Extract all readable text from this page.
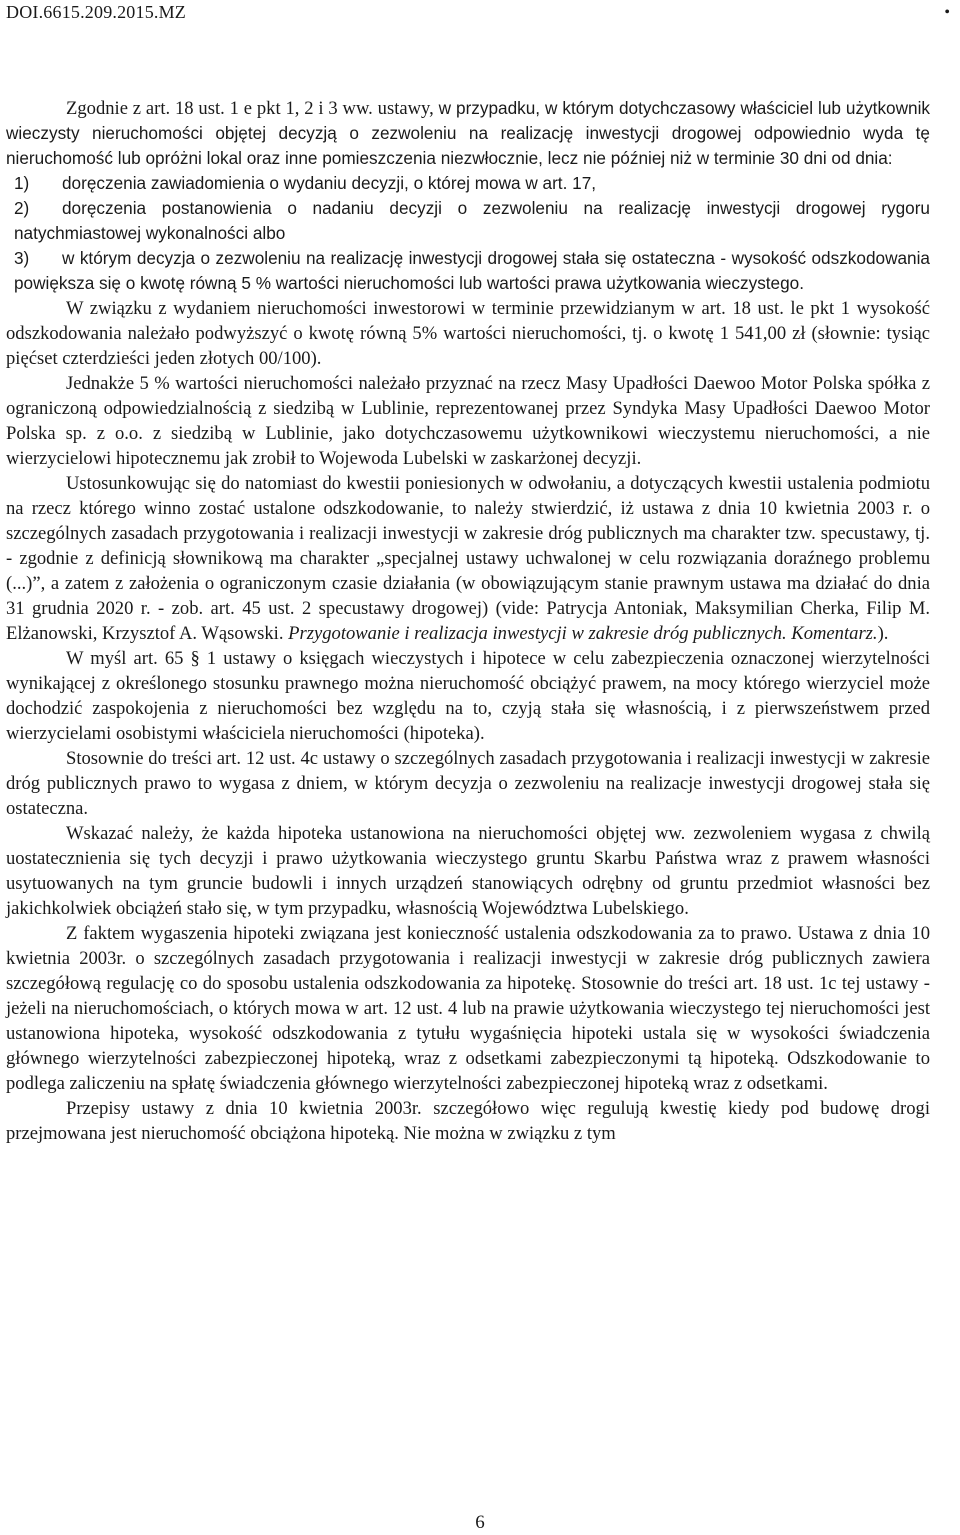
DOI.6615.209.2015.MZ	•

Zgodnie z art. 18 ust. 1 e pkt 1, 2 i 3 ww. ustawy, w przypadku, w którym dotychczasowy właściciel lub użytkownik wieczysty nieruchomości objętej decyzją o zezwoleniu na realizację inwestycji drogowej odpowiednio wyda tę nieruchomość lub opróżni lokal oraz inne pomieszczenia niezwłocznie, lecz nie później niż w terminie 30 dni od dnia:

1) doręczenia zawiadomienia o wydaniu decyzji, o której mowa w art. 17,

2) doręczenia postanowienia o nadaniu decyzji o zezwoleniu na realizację inwestycji drogowej rygoru natychmiastowej wykonalności albo

3) w którym decyzja o zezwoleniu na realizację inwestycji drogowej stała się ostateczna - wysokość odszkodowania powiększa się o kwotę równą 5 % wartości nieruchomości lub wartości prawa użytkowania wieczystego.

W związku z wydaniem nieruchomości inwestorowi w terminie przewidzianym w art. 18 ust. le pkt 1 wysokość odszkodowania należało podwyższyć o kwotę równą 5% wartości nieruchomości, tj. o kwotę 1 541,00 zł (słownie: tysiąc pięćset czterdzieści jeden złotych 00/100).

Jednakże 5 % wartości nieruchomości należało przyznać na rzecz Masy Upadłości Daewoo Motor Polska spółka z ograniczoną odpowiedzialnością z siedzibą w Lublinie, reprezentowanej przez Syndyka Masy Upadłości Daewoo Motor Polska sp. z o.o. z siedzibą w Lublinie, jako dotychczasowemu użytkownikowi wieczystemu nieruchomości, a nie wierzycielowi hipotecznemu jak zrobił to Wojewoda Lubelski w zaskarżonej decyzji.

Ustosunkowując się do natomiast do kwestii poniesionych w odwołaniu, a dotyczących kwestii ustalenia podmiotu na rzecz którego winno zostać ustalone odszkodowanie, to należy stwierdzić, iż ustawa z dnia 10 kwietnia 2003 r. o szczególnych zasadach przygotowania i realizacji inwestycji w zakresie dróg publicznych ma charakter tzw. specustawy, tj. - zgodnie z definicją słownikową ma charakter „specjalnej ustawy uchwalonej w celu rozwiązania doraźnego problemu (...)”, a zatem z założenia o ograniczonym czasie działania (w obowiązującym stanie prawnym ustawa ma działać do dnia 31 grudnia 2020 r. - zob. art. 45 ust. 2 specustawy drogowej) (vide: Patrycja Antoniak, Maksymilian Cherka, Filip M. Elżanowski, Krzysztof A. Wąsowski. Przygotowanie i realizacja inwestycji w zakresie dróg publicznych. Komentarz.).

W myśl art. 65 § 1 ustawy o księgach wieczystych i hipotece w celu zabezpieczenia oznaczonej wierzytelności wynikającej z określonego stosunku prawnego można nieruchomość obciążyć prawem, na mocy którego wierzyciel może dochodzić zaspokojenia z nieruchomości bez względu na to, czyją stała się własnością, i z pierwszeństwem przed wierzycielami osobistymi właściciela nieruchomości (hipoteka).

Stosownie do treści art. 12 ust. 4c ustawy o szczególnych zasadach przygotowania i realizacji inwestycji w zakresie dróg publicznych prawo to wygasa z dniem, w którym decyzja o zezwoleniu na realizacje inwestycji drogowej stała się ostateczna.

Wskazać należy, że każda hipoteka ustanowiona na nieruchomości objętej ww. zezwoleniem wygasa z chwilą uostatecznienia się tych decyzji i prawo użytkowania wieczystego gruntu Skarbu Państwa wraz z prawem własności usytuowanych na tym gruncie budowli i innych urządzeń stanowiących odrębny od gruntu przedmiot własności bez jakichkolwiek obciążeń stało się, w tym przypadku, własnością Województwa Lubelskiego.

Z faktem wygaszenia hipoteki związana jest konieczność ustalenia odszkodowania za to prawo. Ustawa z dnia 10 kwietnia 2003r. o szczególnych zasadach przygotowania i realizacji inwestycji w zakresie dróg publicznych zawiera szczegółową regulację co do sposobu ustalenia odszkodowania za hipotekę. Stosownie do treści art. 18 ust. 1c tej ustawy - jeżeli na nieruchomościach, o których mowa w art. 12 ust. 4 lub na prawie użytkowania wieczystego tej nieruchomości jest ustanowiona hipoteka, wysokość odszkodowania z tytułu wygaśnięcia hipoteki ustala się w wysokości świadczenia głównego wierzytelności zabezpieczonej hipoteką, wraz z odsetkami zabezpieczonymi tą hipoteką. Odszkodowanie to podlega zaliczeniu na spłatę świadczenia głównego wierzytelności zabezpieczonej hipoteką wraz z odsetkami.

Przepisy ustawy z dnia 10 kwietnia 2003r. szczegółowo więc regulują kwestię kiedy pod budowę drogi przejmowana jest nieruchomość obciążona hipoteką. Nie można w związku z tym

6
